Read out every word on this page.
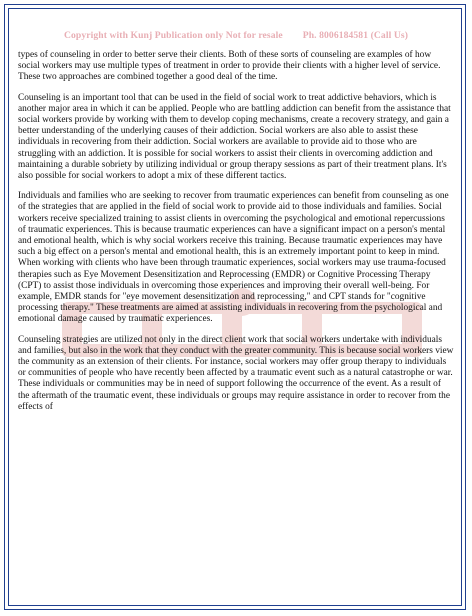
Copyright with Kunj Publication only Not for resale Ph. 8006184581 (Call Us)

types of counseling in order to better serve their clients. Both of these sorts of counseling are examples of how social workers may use multiple types of treatment in order to provide their clients with a higher level of service. These two approaches are combined together a good deal of the time.

Counseling is an important tool that can be used in the field of social work to treat addictive behaviors, which is another major area in which it can be applied. People who are battling addiction can benefit from the assistance that social workers provide by working with them to develop coping mechanisms, create a recovery strategy, and gain a better understanding of the underlying causes of their addiction. Social workers are also able to assist these individuals in recovering from their addiction. Social workers are available to provide aid to those who are struggling with an addiction. It is possible for social workers to assist their clients in overcoming addiction and maintaining a durable sobriety by utilizing individual or group therapy sessions as part of their treatment plans. It's also possible for social workers to adopt a mix of these different tactics.

Individuals and families who are seeking to recover from traumatic experiences can benefit from counseling as one of the strategies that are applied in the field of social work to provide aid to those individuals and families. Social workers receive specialized training to assist clients in overcoming the psychological and emotional repercussions of traumatic experiences. This is because traumatic experiences can have a significant impact on a person's mental and emotional health, which is why social workers receive this training. Because traumatic experiences may have such a big effect on a person's mental and emotional health, this is an extremely important point to keep in mind. When working with clients who have been through traumatic experiences, social workers may use trauma-focused therapies such as Eye Movement Desensitization and Reprocessing (EMDR) or Cognitive Processing Therapy (CPT) to assist those individuals in overcoming those experiences and improving their overall well-being. For example, EMDR stands for "eye movement desensitization and reprocessing," and CPT stands for "cognitive processing therapy." These treatments are aimed at assisting individuals in recovering from the psychological and emotional damage caused by traumatic experiences.

Counseling strategies are utilized not only in the direct client work that social workers undertake with individuals and families, but also in the work that they conduct with the greater community. This is because social workers view the community as an extension of their clients. For instance, social workers may offer group therapy to individuals or communities of people who have recently been affected by a traumatic event such as a natural catastrophe or war. These individuals or communities may be in need of support following the occurrence of the event. As a result of the aftermath of the traumatic event, these individuals or groups may require assistance in order to recover from the effects of
